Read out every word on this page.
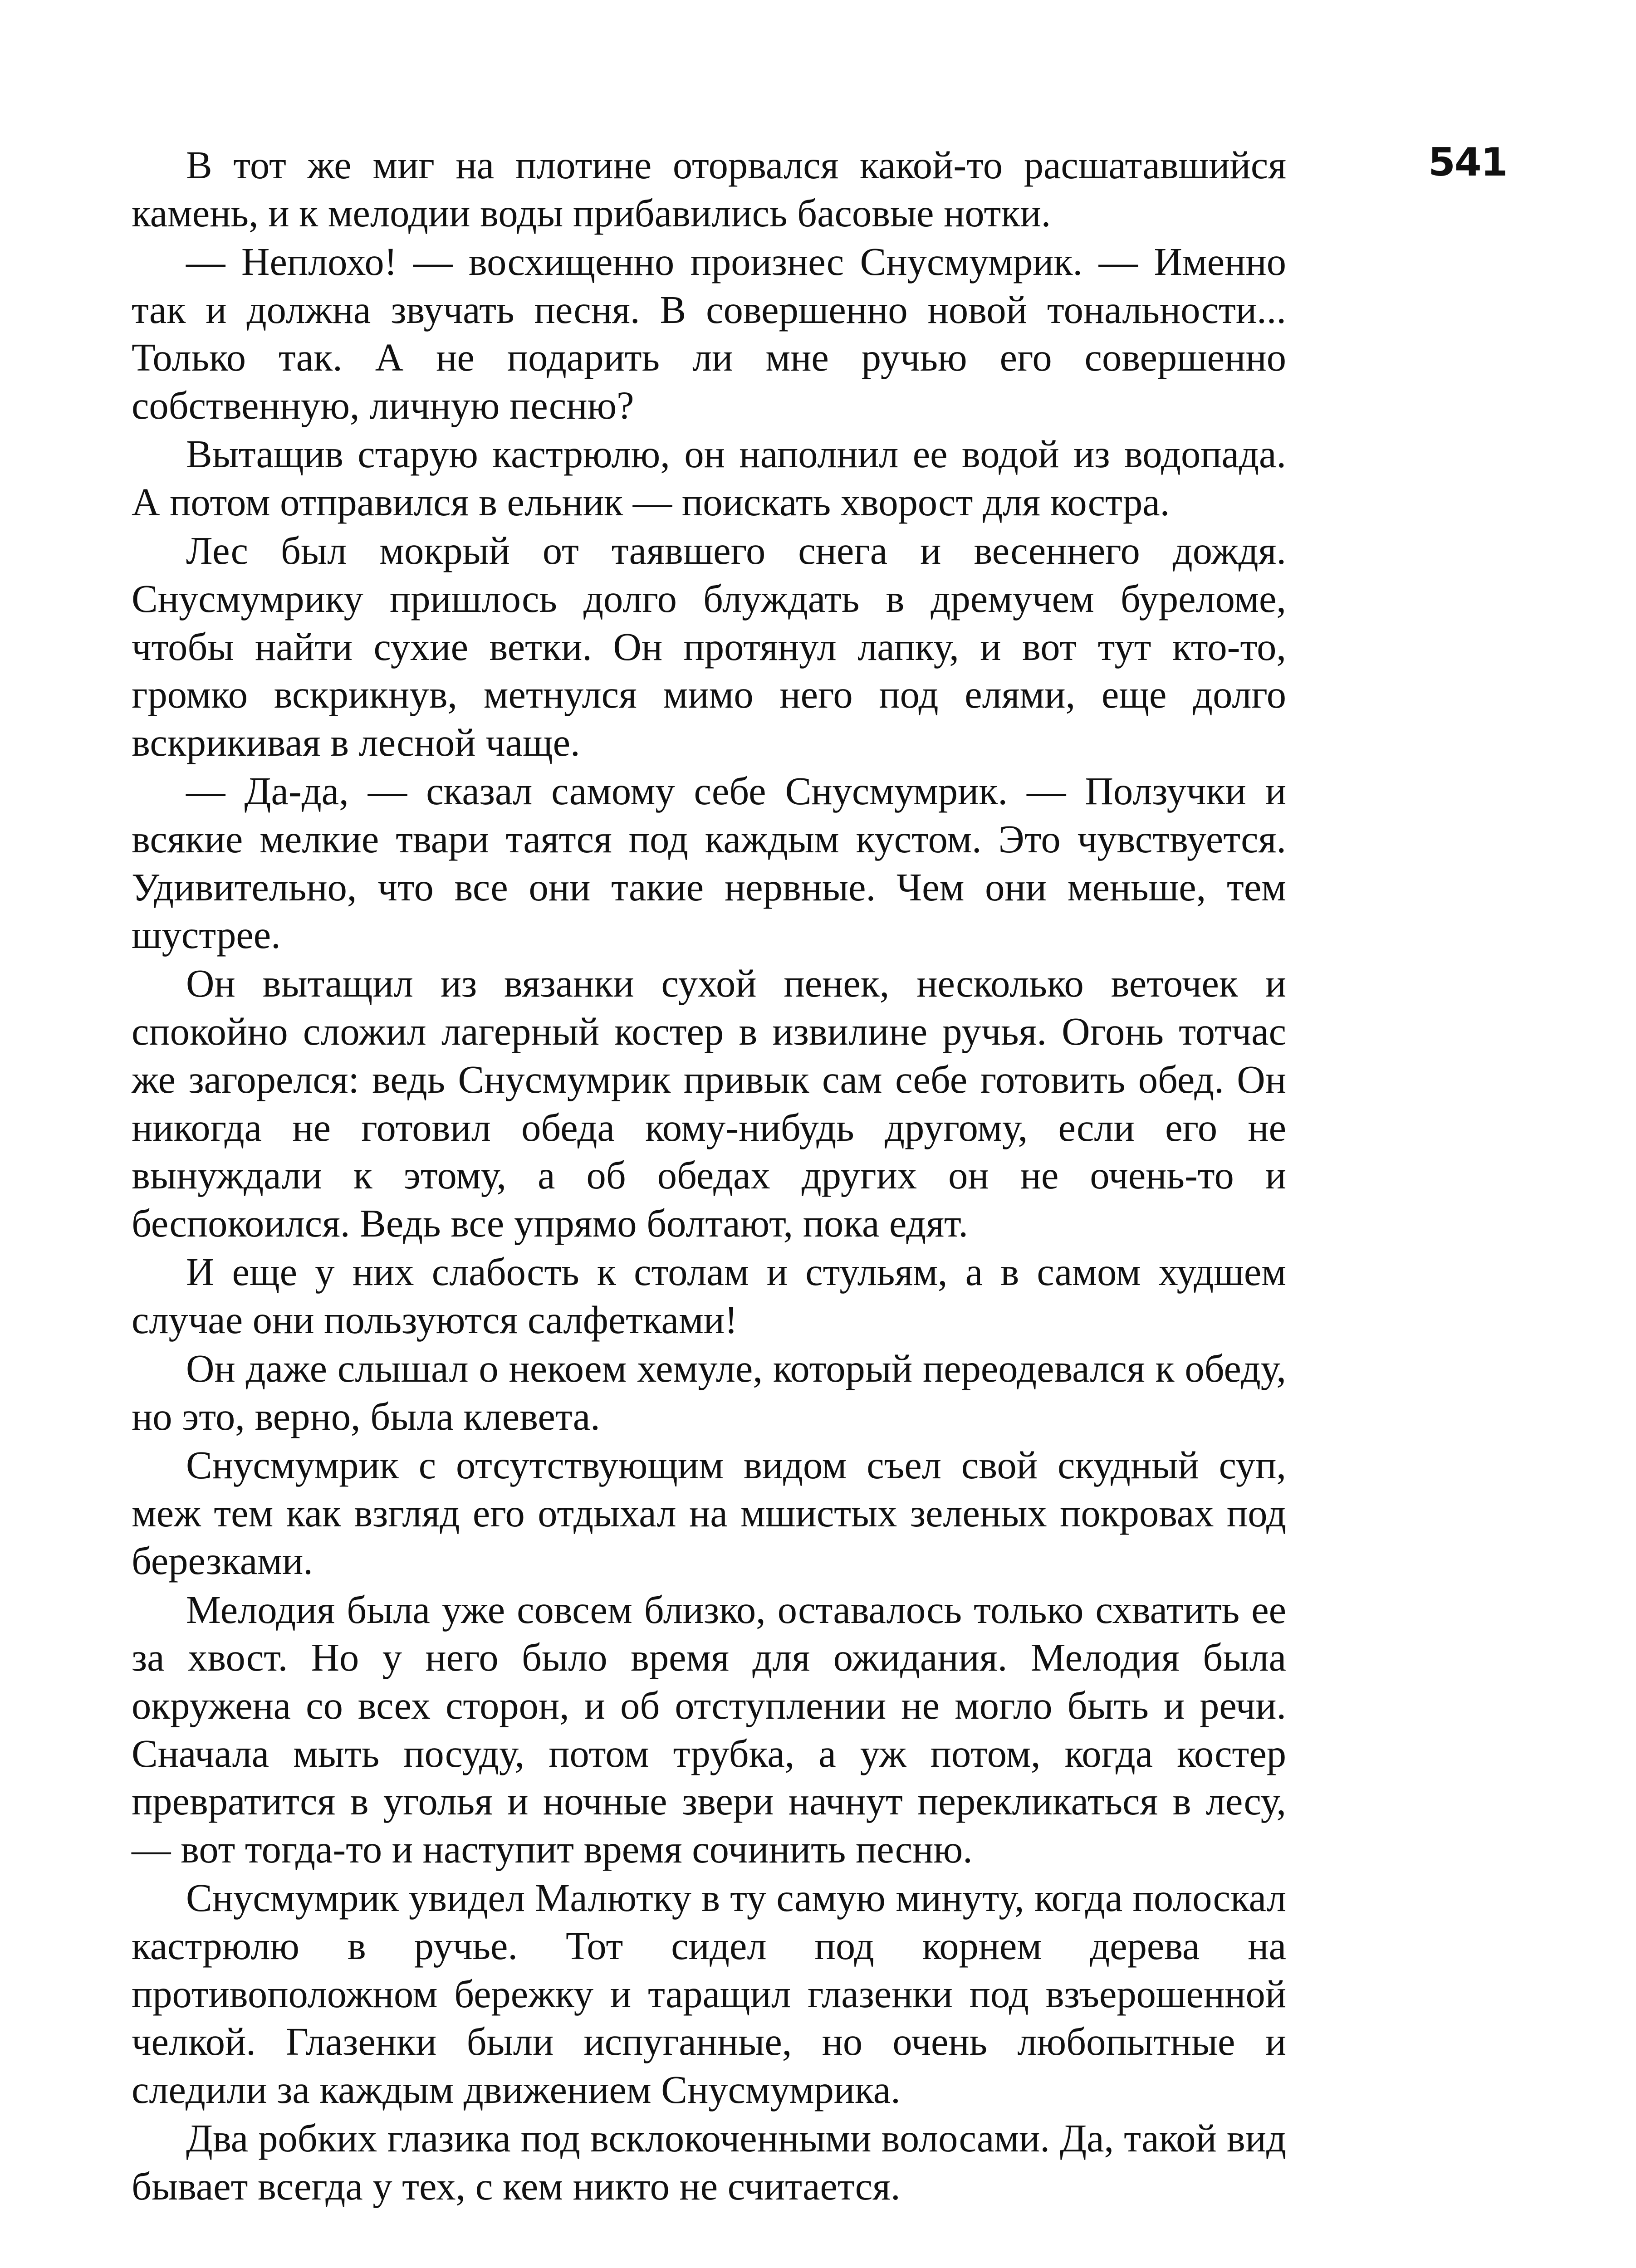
541

В тот же миг на плотине оторвался какой-то расшатавшийся камень, и к мелодии воды прибавились басовые нотки.

— Неплохо! — восхищенно произнес Снусмумрик. — Именно так и должна звучать песня. В совершенно новой тональности... Только так. А не подарить ли мне ручью его совершенно собственную, личную песню?

Вытащив старую кастрюлю, он наполнил ее водой из водопада. А потом отправился в ельник — поискать хворост для костра.

Лес был мокрый от таявшего снега и весеннего дождя. Снусмумрику пришлось долго блуждать в дремучем буреломе, чтобы найти сухие ветки. Он протянул лапку, и вот тут кто-то, громко вскрикнув, метнулся мимо него под елями, еще долго вскрикивая в лесной чаще.

— Да-да, — сказал самому себе Снусмумрик. — Ползучки и всякие мелкие твари таятся под каждым кустом. Это чувствуется. Удивительно, что все они такие нервные. Чем они меньше, тем шустрее.

Он вытащил из вязанки сухой пенек, несколько веточек и спокойно сложил лагерный костер в извилине ручья. Огонь тотчас же загорелся: ведь Снусмумрик привык сам себе готовить обед. Он никогда не готовил обеда кому-нибудь другому, если его не вынуждали к этому, а об обедах других он не очень-то и беспокоился. Ведь все упрямо болтают, пока едят.

И еще у них слабость к столам и стульям, а в самом худшем случае они пользуются салфетками!

Он даже слышал о некоем хемуле, который переодевался к обеду, но это, верно, была клевета.

Снусмумрик с отсутствующим видом съел свой скудный суп, меж тем как взгляд его отдыхал на мшистых зеленых покровах под березками.

Мелодия была уже совсем близко, оставалось только схватить ее за хвост. Но у него было время для ожидания. Мелодия была окружена со всех сторон, и об отступлении не могло быть и речи. Сначала мыть посуду, потом трубка, а уж потом, когда костер превратится в уголья и ночные звери начнут перекликаться в лесу, — вот тогда-то и наступит время сочинить песню.

Снусмумрик увидел Малютку в ту самую минуту, когда полоскал кастрюлю в ручье. Тот сидел под корнем дерева на противоположном бережку и таращил глазенки под взъерошенной челкой. Глазенки были испуганные, но очень любопытные и следили за каждым движением Снусмумрика.

Два робких глазика под всклокоченными волосами. Да, такой вид бывает всегда у тех, с кем никто не считается.
